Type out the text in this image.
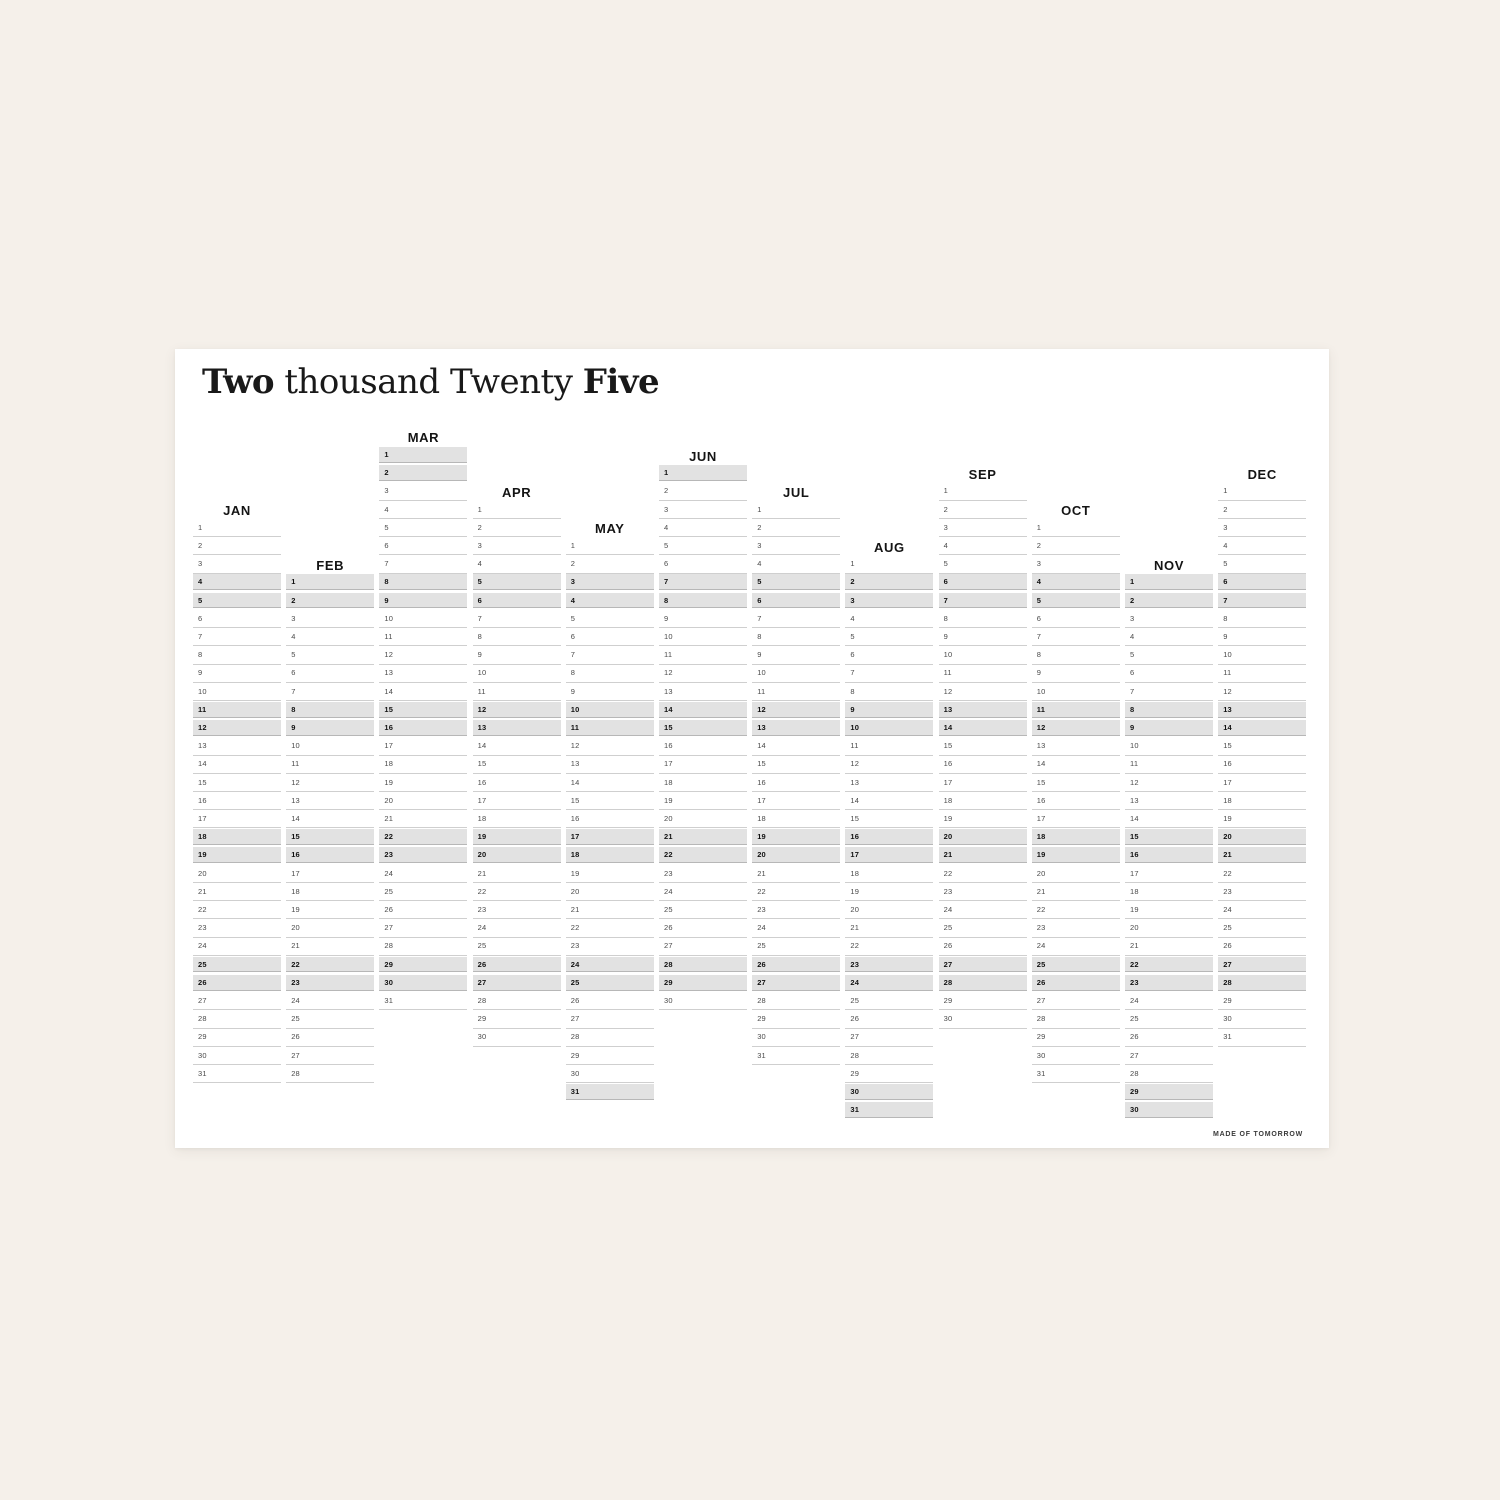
Two thousand Twenty Five
JAN
1
2
3
4
5
6
7
8
9
10
11
12
13
14
15
16
17
18
19
20
21
22
23
24
25
26
27
28
29
30
31
FEB
1
2
3
4
5
6
7
8
9
10
11
12
13
14
15
16
17
18
19
20
21
22
23
24
25
26
27
28
MAR
1
2
3
4
5
6
7
8
9
10
11
12
13
14
15
16
17
18
19
20
21
22
23
24
25
26
27
28
29
30
31
APR
1
2
3
4
5
6
7
8
9
10
11
12
13
14
15
16
17
18
19
20
21
22
23
24
25
26
27
28
29
30
MAY
1
2
3
4
5
6
7
8
9
10
11
12
13
14
15
16
17
18
19
20
21
22
23
24
25
26
27
28
29
30
31
JUN
1
2
3
4
5
6
7
8
9
10
11
12
13
14
15
16
17
18
19
20
21
22
23
24
25
26
27
28
29
30
JUL
1
2
3
4
5
6
7
8
9
10
11
12
13
14
15
16
17
18
19
20
21
22
23
24
25
26
27
28
29
30
31
AUG
1
2
3
4
5
6
7
8
9
10
11
12
13
14
15
16
17
18
19
20
21
22
23
24
25
26
27
28
29
30
31
SEP
1
2
3
4
5
6
7
8
9
10
11
12
13
14
15
16
17
18
19
20
21
22
23
24
25
26
27
28
29
30
OCT
1
2
3
4
5
6
7
8
9
10
11
12
13
14
15
16
17
18
19
20
21
22
23
24
25
26
27
28
29
30
31
NOV
1
2
3
4
5
6
7
8
9
10
11
12
13
14
15
16
17
18
19
20
21
22
23
24
25
26
27
28
29
30
DEC
1
2
3
4
5
6
7
8
9
10
11
12
13
14
15
16
17
18
19
20
21
22
23
24
25
26
27
28
29
30
31
MADE OF TOMORROW
